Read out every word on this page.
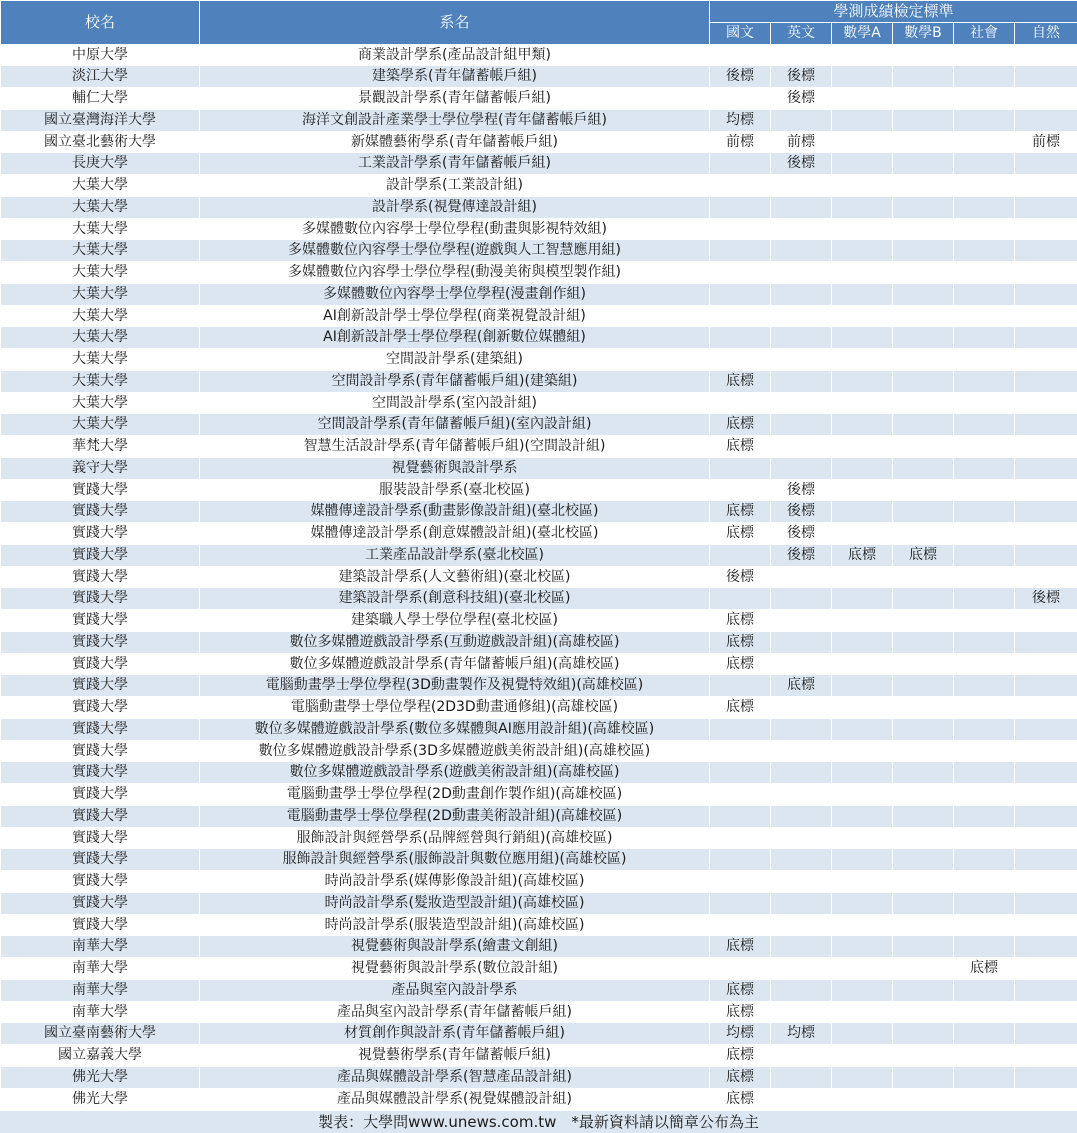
校名	系名	學測成績檢定標準					
		國文	英文	數學A	數學B	社會	自然
中原大學	商業設計學系(產品設計組甲類)						
淡江大學	建築學系(青年儲蓄帳戶組)	後標	後標				
輔仁大學	景觀設計學系(青年儲蓄帳戶組)		後標				
國立臺灣海洋大學	海洋文創設計產業學士學位學程(青年儲蓄帳戶組)	均標					
國立臺北藝術大學	新媒體藝術學系(青年儲蓄帳戶組)	前標	前標				前標
長庚大學	工業設計學系(青年儲蓄帳戶組)		後標				
大葉大學	設計學系(工業設計組)						
大葉大學	設計學系(視覺傳達設計組)						
大葉大學	多媒體數位內容學士學位學程(動畫與影視特效組)						
大葉大學	多媒體數位內容學士學位學程(遊戲與人工智慧應用組)						
大葉大學	多媒體數位內容學士學位學程(動漫美術與模型製作組)						
大葉大學	多媒體數位內容學士學位學程(漫畫創作組)						
大葉大學	AI創新設計學士學位學程(商業視覺設計組)						
大葉大學	AI創新設計學士學位學程(創新數位媒體組)						
大葉大學	空間設計學系(建築組)						
大葉大學	空間設計學系(青年儲蓄帳戶組)(建築組)	底標					
大葉大學	空間設計學系(室內設計組)						
大葉大學	空間設計學系(青年儲蓄帳戶組)(室內設計組)	底標					
華梵大學	智慧生活設計學系(青年儲蓄帳戶組)(空間設計組)	底標					
義守大學	視覺藝術與設計學系						
實踐大學	服裝設計學系(臺北校區)		後標				
實踐大學	媒體傳達設計學系(動畫影像設計組)(臺北校區)	底標	後標				
實踐大學	媒體傳達設計學系(創意媒體設計組)(臺北校區)	底標	後標				
實踐大學	工業產品設計學系(臺北校區)		後標	底標	底標		
實踐大學	建築設計學系(人文藝術組)(臺北校區)	後標					
實踐大學	建築設計學系(創意科技組)(臺北校區)						後標
實踐大學	建築職人學士學位學程(臺北校區)	底標					
實踐大學	數位多媒體遊戲設計學系(互動遊戲設計組)(高雄校區)	底標					
實踐大學	數位多媒體遊戲設計學系(青年儲蓄帳戶組)(高雄校區)	底標					
實踐大學	電腦動畫學士學位學程(3D動畫製作及視覺特效組)(高雄校區)		底標				
實踐大學	電腦動畫學士學位學程(2D3D動畫通修組)(高雄校區)	底標					
實踐大學	數位多媒體遊戲設計學系(數位多媒體與AI應用設計組)(高雄校區)						
實踐大學	數位多媒體遊戲設計學系(3D多媒體遊戲美術設計組)(高雄校區)						
實踐大學	數位多媒體遊戲設計學系(遊戲美術設計組)(高雄校區)						
實踐大學	電腦動畫學士學位學程(2D動畫創作製作組)(高雄校區)						
實踐大學	電腦動畫學士學位學程(2D動畫美術設計組)(高雄校區)						
實踐大學	服飾設計與經營學系(品牌經營與行銷組)(高雄校區)						
實踐大學	服飾設計與經營學系(服飾設計與數位應用組)(高雄校區)						
實踐大學	時尚設計學系(媒傳影像設計組)(高雄校區)						
實踐大學	時尚設計學系(髮妝造型設計組)(高雄校區)						
實踐大學	時尚設計學系(服裝造型設計組)(高雄校區)						
南華大學	視覺藝術與設計學系(繪畫文創組)	底標					
南華大學	視覺藝術與設計學系(數位設計組)					底標	
南華大學	產品與室內設計學系	底標					
南華大學	產品與室內設計學系(青年儲蓄帳戶組)	底標					
國立臺南藝術大學	材質創作與設計系(青年儲蓄帳戶組)	均標	均標				
國立嘉義大學	視覺藝術學系(青年儲蓄帳戶組)	底標					
佛光大學	產品與媒體設計學系(智慧產品設計組)	底標					
佛光大學	產品與媒體設計學系(視覺媒體設計組)	底標					
製表：大學問www.unews.com.tw　*最新資料請以簡章公布為主
